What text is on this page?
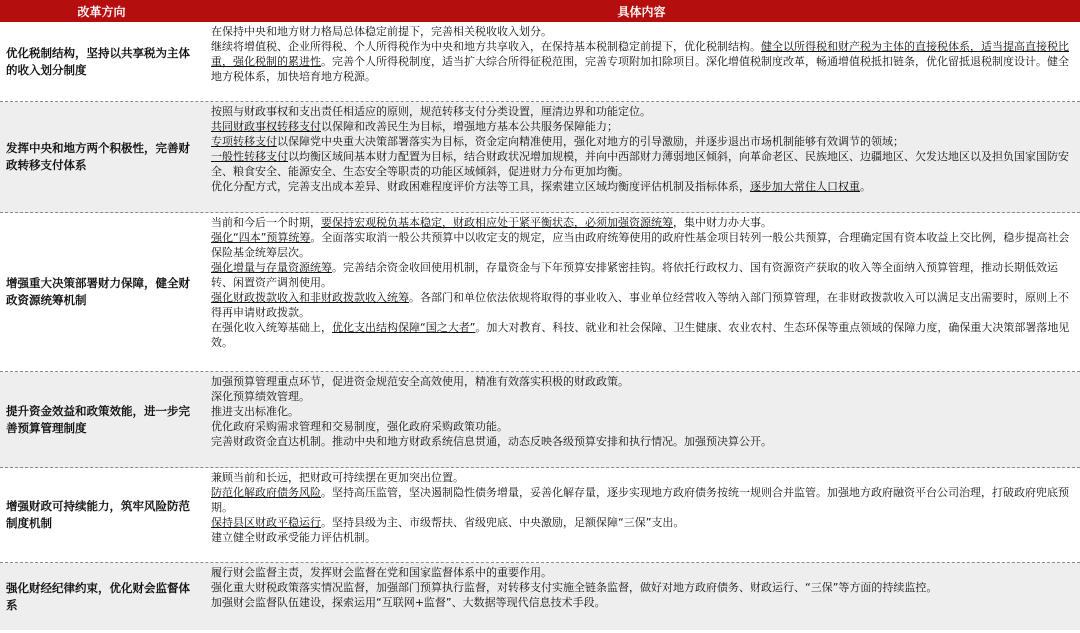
改革方向	具体内容
优化税制结构，坚持以共享税为主体的收入划分制度

在保持中央和地方财力格局总体稳定前提下，完善相关税收收入划分。

继续将增值税、企业所得税、个人所得税作为中央和地方共享收入，在保持基本税制稳定前提下，优化税制结构。健全以所得税和财产税为主体的直接税体系，适当提高直接税比重，强化税制的累进性。完善个人所得税制度，适当扩大综合所得征税范围，完善专项附加扣除项目。深化增值税制度改革，畅通增值税抵扣链条，优化留抵退税制度设计。健全地方税体系，加快培育地方税源。

发挥中央和地方两个积极性，完善财政转移支付体系

按照与财政事权和支出责任相适应的原则，规范转移支付分类设置，厘清边界和功能定位。

共同财政事权转移支付以保障和改善民生为目标，增强地方基本公共服务保障能力；

专项转移支付以保障党中央重大决策部署落实为目标，资金定向精准使用，强化对地方的引导激励，并逐步退出市场机制能够有效调节的领域；

一般性转移支付以均衡区域间基本财力配置为目标，结合财政状况增加规模，并向中西部财力薄弱地区倾斜，向革命老区、民族地区、边疆地区、欠发达地区以及担负国家国防安全、粮食安全、能源安全、生态安全等职责的功能区域倾斜，促进财力分布更加均衡。

优化分配方式，完善支出成本差异、财政困难程度评价方法等工具，探索建立区域均衡度评估机制及指标体系，逐步加大常住人口权重。

增强重大决策部署财力保障，健全财政资源统筹机制

当前和今后一个时期，要保持宏观税负基本稳定，财政相应处于紧平衡状态，必须加强资源统筹，集中财力办大事。

强化“四本”预算统筹。全面落实取消一般公共预算中以收定支的规定，应当由政府统筹使用的政府性基金项目转列一般公共预算，合理确定国有资本收益上交比例，稳步提高社会保险基金统筹层次。

强化增量与存量资源统筹。完善结余资金收回使用机制，存量资金与下年预算安排紧密挂钩。将依托行政权力、国有资源资产获取的收入等全面纳入预算管理，推动长期低效运转、闲置资产调剂使用。

强化财政拨款收入和非财政拨款收入统筹。各部门和单位依法依规将取得的事业收入、事业单位经营收入等纳入部门预算管理，在非财政拨款收入可以满足支出需要时，原则上不得再申请财政拨款。

在强化收入统筹基础上，优化支出结构保障“国之大者”。加大对教育、科技、就业和社会保障、卫生健康、农业农村、生态环保等重点领域的保障力度，确保重大决策部署落地见效。

提升资金效益和政策效能，进一步完善预算管理制度

加强预算管理重点环节，促进资金规范安全高效使用，精准有效落实积极的财政政策。

深化预算绩效管理。

推进支出标准化。

优化政府采购需求管理和交易制度，强化政府采购政策功能。

完善财政资金直达机制。推动中央和地方财政系统信息贯通，动态反映各级预算安排和执行情况。加强预决算公开。

增强财政可持续能力，筑牢风险防范制度机制

兼顾当前和长远，把财政可持续摆在更加突出位置。

防范化解政府债务风险。坚持高压监管，坚决遏制隐性债务增量，妥善化解存量，逐步实现地方政府债务按统一规则合并监管。加强地方政府融资平台公司治理，打破政府兜底预期。

保持县区财政平稳运行。坚持县级为主、市级帮扶、省级兜底、中央激励，足额保障“三保”支出。

建立健全财政承受能力评估机制。

强化财经纪律约束，优化财会监督体系

履行财会监督主责，发挥财会监督在党和国家监督体系中的重要作用。

强化重大财税政策落实情况监督，加强部门预算执行监督，对转移支付实施全链条监督，做好对地方政府债务、财政运行、“三保”等方面的持续监控。

加强财会监督队伍建设，探索运用“互联网+监督”、大数据等现代信息技术手段。
